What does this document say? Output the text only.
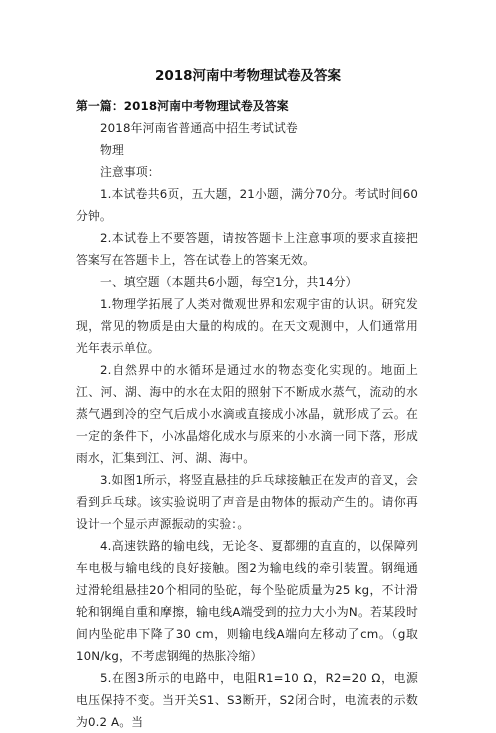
2018河南中考物理试卷及答案

第一篇：2018河南中考物理试卷及答案

2018年河南省普通高中招生考试试卷

物理

注意事项：

1.本试卷共6页，五大题，21小题，满分70分。考试时间60分钟。

2.本试卷上不要答题，请按答题卡上注意事项的要求直接把答案写在答题卡上，答在试卷上的答案无效。

一、填空题（本题共6小题，每空1分，共14分）

1.物理学拓展了人类对微观世界和宏观宇宙的认识。研究发现，常见的物质是由大量的构成的。在天文观测中，人们通常用光年表示单位。

2.自然界中的水循环是通过水的物态变化实现的。地面上江、河、湖、海中的水在太阳的照射下不断成水蒸气，流动的水蒸气遇到冷的空气后成小水滴或直接成小冰晶，就形成了云。在一定的条件下，小冰晶熔化成水与原来的小水滴一同下落，形成雨水，汇集到江、河、湖、海中。

3.如图1所示，将竖直悬挂的乒乓球接触正在发声的音叉，会看到乒乓球。该实验说明了声音是由物体的振动产生的。请你再设计一个显示声源振动的实验：。

4.高速铁路的输电线，无论冬、夏都绷的直直的，以保障列车电极与输电线的良好接触。图2为输电线的牵引装置。钢绳通过滑轮组悬挂20个相同的坠砣，每个坠砣质量为25 kg，不计滑轮和钢绳自重和摩擦，输电线A端受到的拉力大小为N。若某段时间内坠砣串下降了30 cm，则输电线A端向左移动了cm。（g取10N/kg，不考虑钢绳的热胀冷缩）

5.在图3所示的电路中，电阻R1=10 Ω，R2=20 Ω，电源电压保持不变。当开关S1、S3断开，S2闭合时，电流表的示数为0.2 A。当
